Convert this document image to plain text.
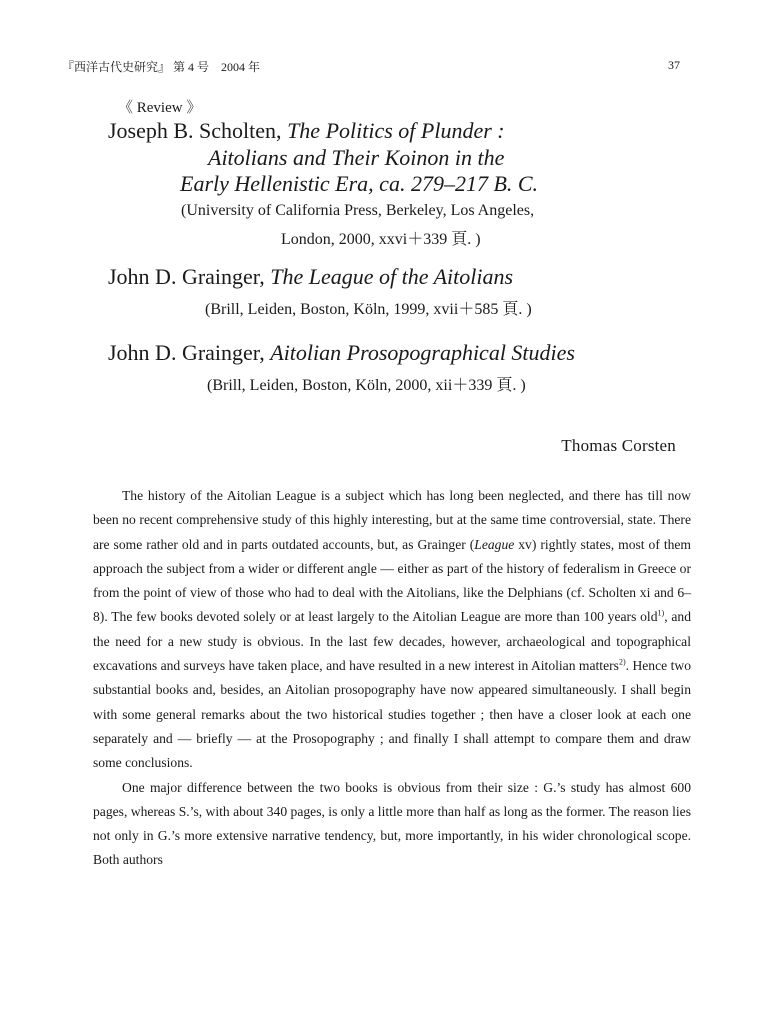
『西洋古代史研究』 第 4 号　2004 年	37
《 Review 》
Joseph B. Scholten, The Politics of Plunder :
Aitolians and Their Koinon in the
Early Hellenistic Era, ca. 279–217 B. C.
(University of California Press, Berkeley, Los Angeles,
London, 2000, xxvi＋339 頁. )
John D. Grainger, The League of the Aitolians
(Brill, Leiden, Boston, Köln, 1999, xvii＋585 頁. )
John D. Grainger, Aitolian Prosopographical Studies
(Brill, Leiden, Boston, Köln, 2000, xii＋339 頁. )
Thomas Corsten

The history of the Aitolian League is a subject which has long been neglected, and there has till now been no recent comprehensive study of this highly interesting, but at the same time controversial, state. There are some rather old and in parts outdated accounts, but, as Grainger (League xv) rightly states, most of them approach the subject from a wider or different angle — either as part of the history of federalism in Greece or from the point of view of those who had to deal with the Aitolians, like the Delphians (cf. Scholten xi and 6–8). The few books devoted solely or at least largely to the Aitolian League are more than 100 years old$^{1)}$, and the need for a new study is obvious. In the last few decades, however, archaeological and topographical excavations and surveys have taken place, and have resulted in a new interest in Aitolian matters$^{2)}$. Hence two substantial books and, besides, an Aitolian prosopography have now appeared simultaneously. I shall begin with some general remarks about the two historical studies together ; then have a closer look at each one separately and — briefly — at the Prosopography ; and finally I shall attempt to compare them and draw some conclusions.

One major difference between the two books is obvious from their size : G.’s study has almost 600 pages, whereas S.’s, with about 340 pages, is only a little more than half as long as the former. The reason lies not only in G.’s more extensive narrative tendency, but, more importantly, in his wider chronological scope. Both authors
